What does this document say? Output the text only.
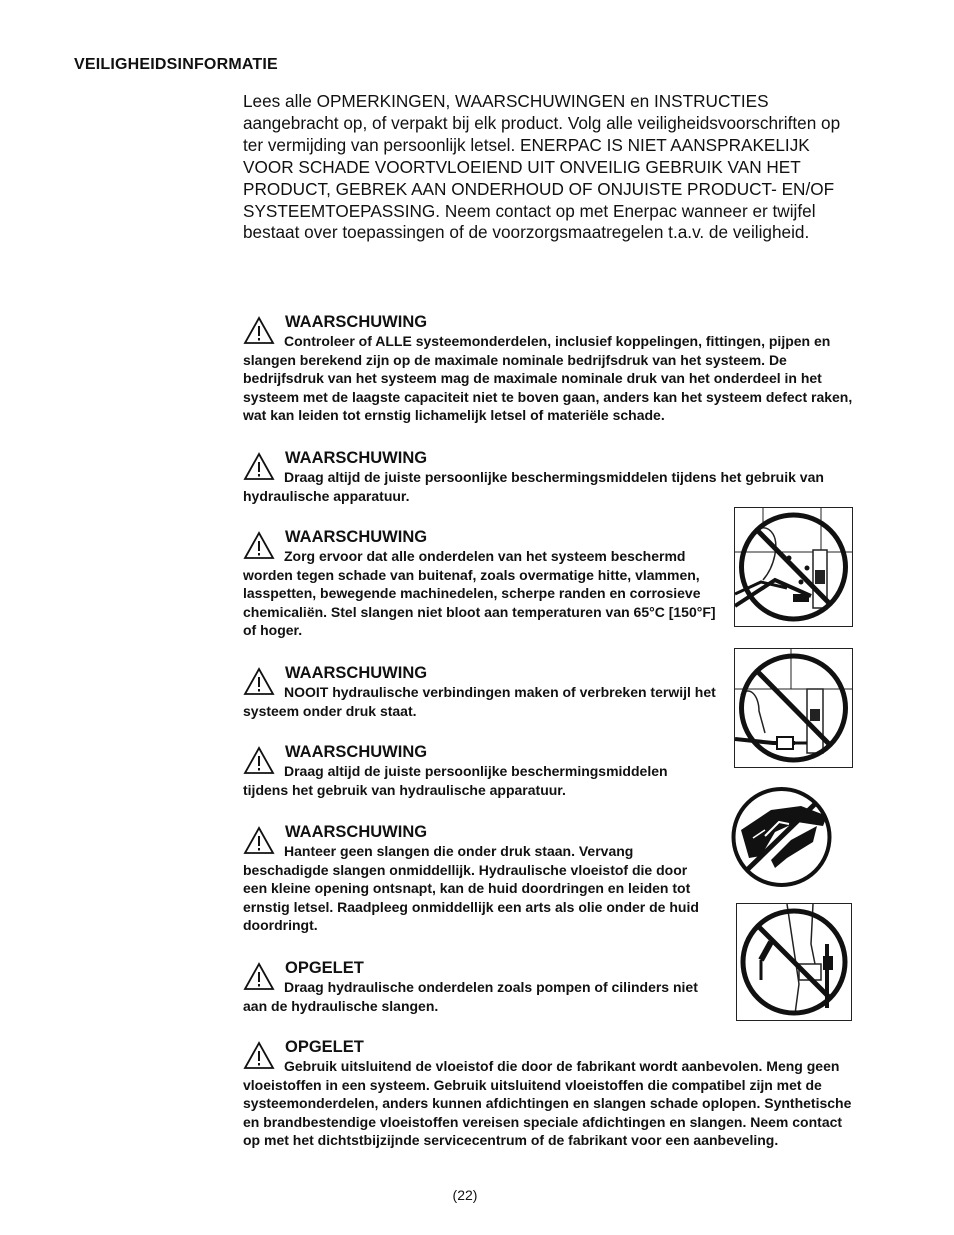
VEILIGHEIDSINFORMATIE

Lees alle OPMERKINGEN, WAARSCHUWINGEN en INSTRUCTIES aangebracht op, of verpakt bij elk product. Volg alle veiligheidsvoorschriften op ter vermijding van persoonlijk letsel. ENERPAC IS NIET AANSPRAKELIJK VOOR SCHADE VOORTVLOEIEND UIT ONVEILIG GEBRUIK VAN HET PRODUCT, GEBREK AAN ONDERHOUD OF ONJUISTE PRODUCT- EN/OF SYSTEEMTOEPASSING. Neem contact op met Enerpac wanneer er twijfel bestaat over toepassingen of de voorzorgsmaatregelen t.a.v. de veiligheid.

WAARSCHUWING

Controleer of ALLE systeemonderdelen, inclusief koppelingen, fittingen, pijpen en slangen berekend zijn op de maximale nominale bedrijfsdruk van het systeem. De bedrijfsdruk van het systeem mag de maximale nominale druk van het onderdeel in het systeem met de laagste capaciteit niet te boven gaan, anders kan het systeem defect raken, wat kan leiden tot ernstig lichamelijk letsel of materiële schade.

WAARSCHUWING

Draag altijd de juiste persoonlijke beschermingsmiddelen tijdens het gebruik van hydraulische apparatuur.

WAARSCHUWING

Zorg ervoor dat alle onderdelen van het systeem beschermd worden tegen schade van buitenaf, zoals overmatige hitte, vlammen, lasspetten, bewegende machinedelen, scherpe randen en corrosieve chemicaliën. Stel slangen niet bloot aan temperaturen van 65°C [150°F] of hoger.

WAARSCHUWING

NOOIT hydraulische verbindingen maken of verbreken terwijl het systeem onder druk staat.

WAARSCHUWING

Draag altijd de juiste persoonlijke beschermingsmiddelen tijdens het gebruik van hydraulische apparatuur.

WAARSCHUWING

Hanteer geen slangen die onder druk staan. Vervang beschadigde slangen onmiddellijk. Hydraulische vloeistof die door een kleine opening ontsnapt, kan de huid doordringen en leiden tot ernstig letsel. Raadpleeg onmiddellijk een arts als olie onder de huid doordringt.

OPGELET

Draag hydraulische onderdelen zoals pompen of cilinders niet aan de hydraulische slangen.

OPGELET

Gebruik uitsluitend de vloeistof die door de fabrikant wordt aanbevolen. Meng geen vloeistoffen in een systeem. Gebruik uitsluitend vloeistoffen die compatibel zijn met de systeemonderdelen, anders kunnen afdichtingen en slangen schade oplopen. Synthetische en brandbestendige vloeistoffen vereisen speciale afdichtingen en slangen. Neem contact op met het dichtstbijzijnde servicecentrum of de fabrikant voor een aanbeveling.

(22)
